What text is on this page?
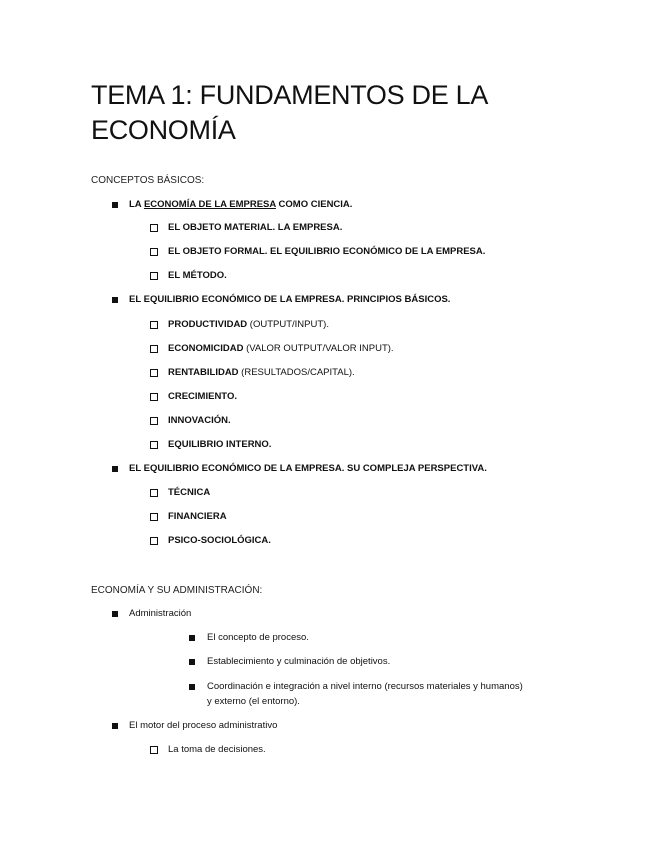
TEMA 1: FUNDAMENTOS DE LA
ECONOMÍA
CONCEPTOS BÁSICOS:
LA ECONOMÍA DE LA EMPRESA COMO CIENCIA.
EL OBJETO MATERIAL. LA EMPRESA.
EL OBJETO FORMAL. EL EQUILIBRIO ECONÓMICO DE LA EMPRESA.
EL MÉTODO.
EL EQUILIBRIO ECONÓMICO DE LA EMPRESA. PRINCIPIOS BÁSICOS.
PRODUCTIVIDAD (OUTPUT/INPUT).
ECONOMICIDAD (VALOR OUTPUT/VALOR INPUT).
RENTABILIDAD (RESULTADOS/CAPITAL).
CRECIMIENTO.
INNOVACIÓN.
EQUILIBRIO INTERNO.
EL EQUILIBRIO ECONÓMICO DE LA EMPRESA. SU COMPLEJA PERSPECTIVA.
TÉCNICA
FINANCIERA
PSICO-SOCIOLÓGICA.
ECONOMÍA Y SU ADMINISTRACIÓN:
Administración
El concepto de proceso.
Establecimiento y culminación de objetivos.
Coordinación e integración a nivel interno (recursos materiales y humanos) y externo (el entorno).
El motor del proceso administrativo
La toma de decisiones.
